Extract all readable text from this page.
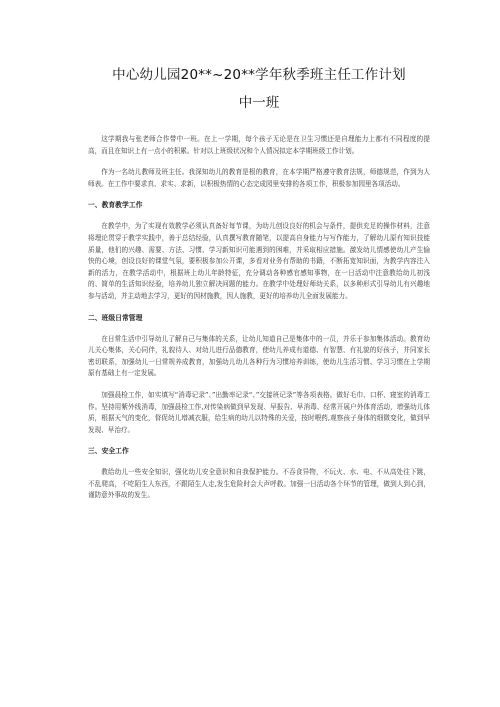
中心幼儿园20**~20**学年秋季班主任工作计划
中一班

这学期我与张老师合作带中一班。在上一学期，每个孩子无论是在卫生习惯还是自理能力上都有不同程度的提高，而且在知识上有一点小的积累。针对以上班级状况和个人情况拟定本学期班级工作计划。

作为一名幼儿教师及班主任。我深知幼儿的教育是根的教育，在本学期严格遵守教育法规，师德规范，作到为人师表。在工作中要求真、求实、求新，以积极热情的心态完成园里安排的各项工作，积极参加园里各项活动。

一、教育教学工作

在教学中，为了实现有效教学必须认真备好每节课，为幼儿创设良好的机会与条件，提供充足的操作材料，注意将理论贯穿于教学实践中，善于总结经验，认真撰写教育随笔，以提高自身能力与写作能力，了解幼儿原有知识技能质量，他们的兴趣、需要、方法、习惯、学习新知识可能遇到的困难，并采取相应措施。激发幼儿情感使幼儿产生愉快的心境，创设良好的课堂气氛，要积极参加公开课，多看对业务有帮助的书籍，不断拓宽知识面，为教学内容注入新的活力，在教学活动中，根据班上幼儿年龄特征，充分调动各种感官感知事物，在一日活动中注意教给幼儿初浅的、简单的生活知识经验，培养幼儿独立解决问题的能力。在教学中处理好师幼关系，以多种形式引导幼儿有兴趣地参与活动，并主动地去学习，更好的因材施教，因人施教，更好的培养幼儿全面发展能力。

二、班级日常管理

在日常生活中引导幼儿了解自己与集体的关系，让幼儿知道自己是集体中的一员，并乐于参加集体活动。教育幼儿关心集体，关心同伴，礼貌待人、对幼儿进行品德教育，使幼儿养成有道德、有智慧、有礼貌的好孩子，并同家长密切联系，加强幼儿一日常规养成教育，加强幼儿幼儿各种行为习惯培养训练，使幼儿生活习惯、学习习惯在上学期原有基础上有一定发展。

加强晨检工作，如实填写“消毒记录”、”出勤率记录“、”交接班记录”等各项表格。做好毛巾、口杯、寝室的消毒工作。坚持用紫外线消毒，加强晨检工作,对传染病做到早发现、早报告、早消毒、经常开展户外体育活动，增强幼儿体质，根据天气的变化，督促幼儿增减衣服，给生病的幼儿以特殊的关爱，按时喂药,观察孩子身体的细微变化，做到早发现、早治疗。

三、安全工作

教给幼儿一些安全知识，强化幼儿安全意识和自我保护能力。不吞食异物，不玩火、水、电、不从高处往下跳，不乱爬高，不吃陌生人东西，不跟陌生人走,发生危险时会大声呼救。加强一日活动各个环节的管理，做到人到心到，谨防意外事故的发生。
